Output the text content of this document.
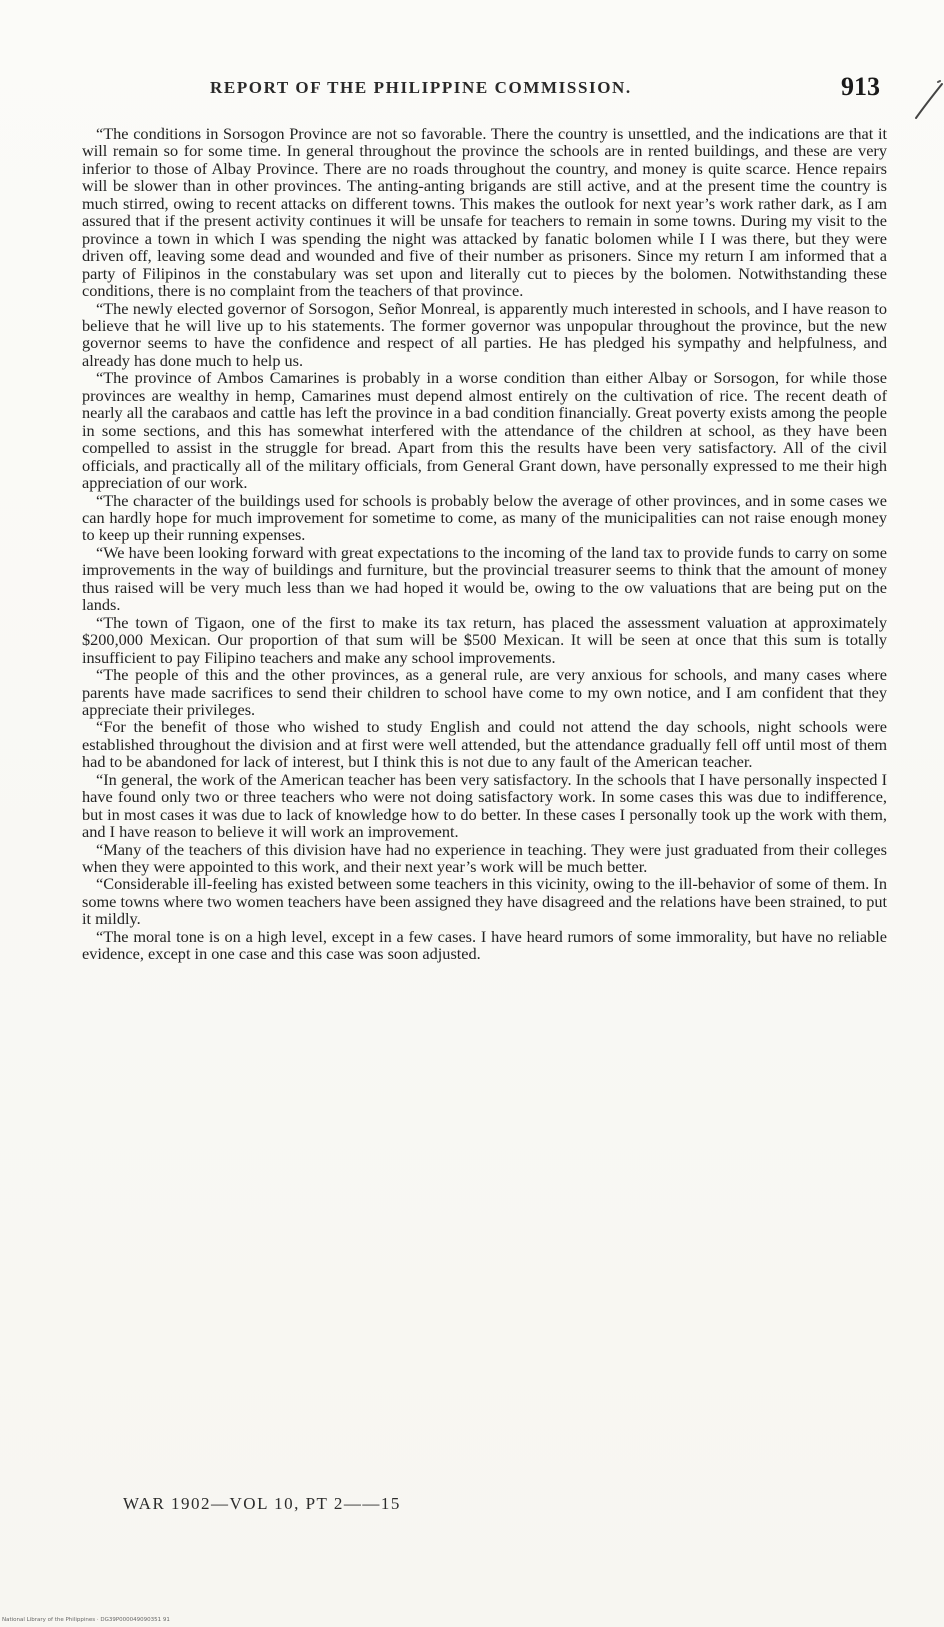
REPORT OF THE PHILIPPINE COMMISSION.	913

“The conditions in Sorsogon Province are not so favorable. There the country is unsettled, and the indications are that it will remain so for some time. In general throughout the province the schools are in rented buildings, and these are very inferior to those of Albay Province. There are no roads throughout the country, and money is quite scarce. Hence repairs will be slower than in other provinces. The anting-anting brigands are still active, and at the present time the country is much stirred, owing to recent attacks on different towns. This makes the outlook for next year’s work rather dark, as I am assured that if the present activity continues it will be unsafe for teachers to remain in some towns. During my visit to the province a town in which I was spending the night was attacked by fanatic bolomen while I I was there, but they were driven off, leaving some dead and wounded and five of their number as prisoners. Since my return I am informed that a party of Filipinos in the constabulary was set upon and literally cut to pieces by the bolomen. Notwithstanding these conditions, there is no complaint from the teachers of that province.

“The newly elected governor of Sorsogon, Señor Monreal, is apparently much interested in schools, and I have reason to believe that he will live up to his statements. The former governor was unpopular throughout the province, but the new governor seems to have the confidence and respect of all parties. He has pledged his sympathy and helpfulness, and already has done much to help us.

“The province of Ambos Camarines is probably in a worse condition than either Albay or Sorsogon, for while those provinces are wealthy in hemp, Camarines must depend almost entirely on the cultivation of rice. The recent death of nearly all the carabaos and cattle has left the province in a bad condition financially. Great poverty exists among the people in some sections, and this has somewhat interfered with the attendance of the children at school, as they have been compelled to assist in the struggle for bread. Apart from this the results have been very satisfactory. All of the civil officials, and practically all of the military officials, from General Grant down, have personally expressed to me their high appreciation of our work.

“The character of the buildings used for schools is probably below the average of other provinces, and in some cases we can hardly hope for much improvement for sometime to come, as many of the municipalities can not raise enough money to keep up their running expenses.

“We have been looking forward with great expectations to the incoming of the land tax to provide funds to carry on some improvements in the way of buildings and furniture, but the provincial treasurer seems to think that the amount of money thus raised will be very much less than we had hoped it would be, owing to the ow valuations that are being put on the lands.

“The town of Tigaon, one of the first to make its tax return, has placed the assessment valuation at approximately $200,000 Mexican. Our proportion of that sum will be $500 Mexican. It will be seen at once that this sum is totally insufficient to pay Filipino teachers and make any school improvements.

“The people of this and the other provinces, as a general rule, are very anxious for schools, and many cases where parents have made sacrifices to send their children to school have come to my own notice, and I am confident that they appreciate their privileges.

“For the benefit of those who wished to study English and could not attend the day schools, night schools were established throughout the division and at first were well attended, but the attendance gradually fell off until most of them had to be abandoned for lack of interest, but I think this is not due to any fault of the American teacher.

“In general, the work of the American teacher has been very satisfactory. In the schools that I have personally inspected I have found only two or three teachers who were not doing satisfactory work. In some cases this was due to indifference, but in most cases it was due to lack of knowledge how to do better. In these cases I personally took up the work with them, and I have reason to believe it will work an improvement.

“Many of the teachers of this division have had no experience in teaching. They were just graduated from their colleges when they were appointed to this work, and their next year’s work will be much better.

“Considerable ill-feeling has existed between some teachers in this vicinity, owing to the ill-behavior of some of them. In some towns where two women teachers have been assigned they have disagreed and the relations have been strained, to put it mildly.

“The moral tone is on a high level, except in a few cases. I have heard rumors of some immorality, but have no reliable evidence, except in one case and this case was soon adjusted.

WAR 1902—VOL 10, PT 2——15
National Library of the Philippines · DG39P000049090351 91
